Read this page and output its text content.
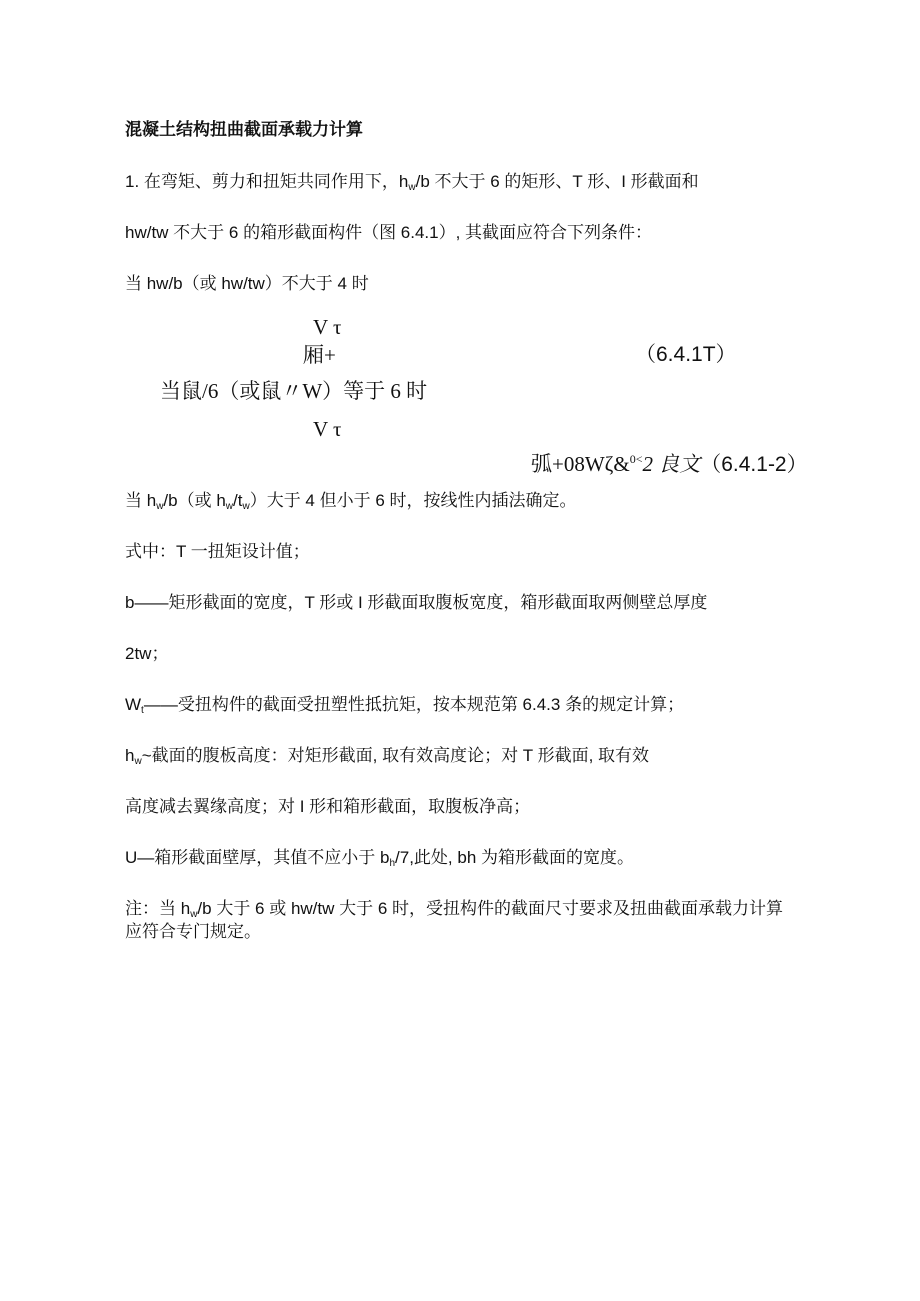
混凝土结构扭曲截面承载力计算
1. 在弯矩、剪力和扭矩共同作用下，$h_w/b$ 不大于 6 的矩形、T 形、I 形截面和
hw/tw 不大于 6 的箱形截面构件（图 6.4.1）, 其截面应符合下列条件：
当 hw/b（或 hw/tw）不大于 4 时
V τ
厢+	（6.4.1T）
当鼠/6（或鼠〃W）等于 6 时
V τ
弧+08Wζ&$^{0<}$2 良文（6.4.1-2）
当 $h_w/b$（或 $h_w/t_w$）大于 4 但小于 6 时，按线性内插法确定。
式中：T 一扭矩设计值；
b——矩形截面的宽度，T 形或 I 形截面取腹板宽度，箱形截面取两侧壁总厚度
2tw；
$W_t——$受扭构件的截面受扭塑性抵抗矩，按本规范第 6.4.3 条的规定计算；
$h_w\sim$截面的腹板高度：对矩形截面, 取有效高度论；对 T 形截面, 取有效
高度减去翼缘高度；对 I 形和箱形截面，取腹板净高；
U—箱形截面壁厚，其值不应小于 $b_h/7$,此处, bh 为箱形截面的宽度。
注：当 $h_w/b$ 大于 6 或 hw/tw 大于 6 时，受扭构件的截面尺寸要求及扭曲截面承载力计算
应符合专门规定。
